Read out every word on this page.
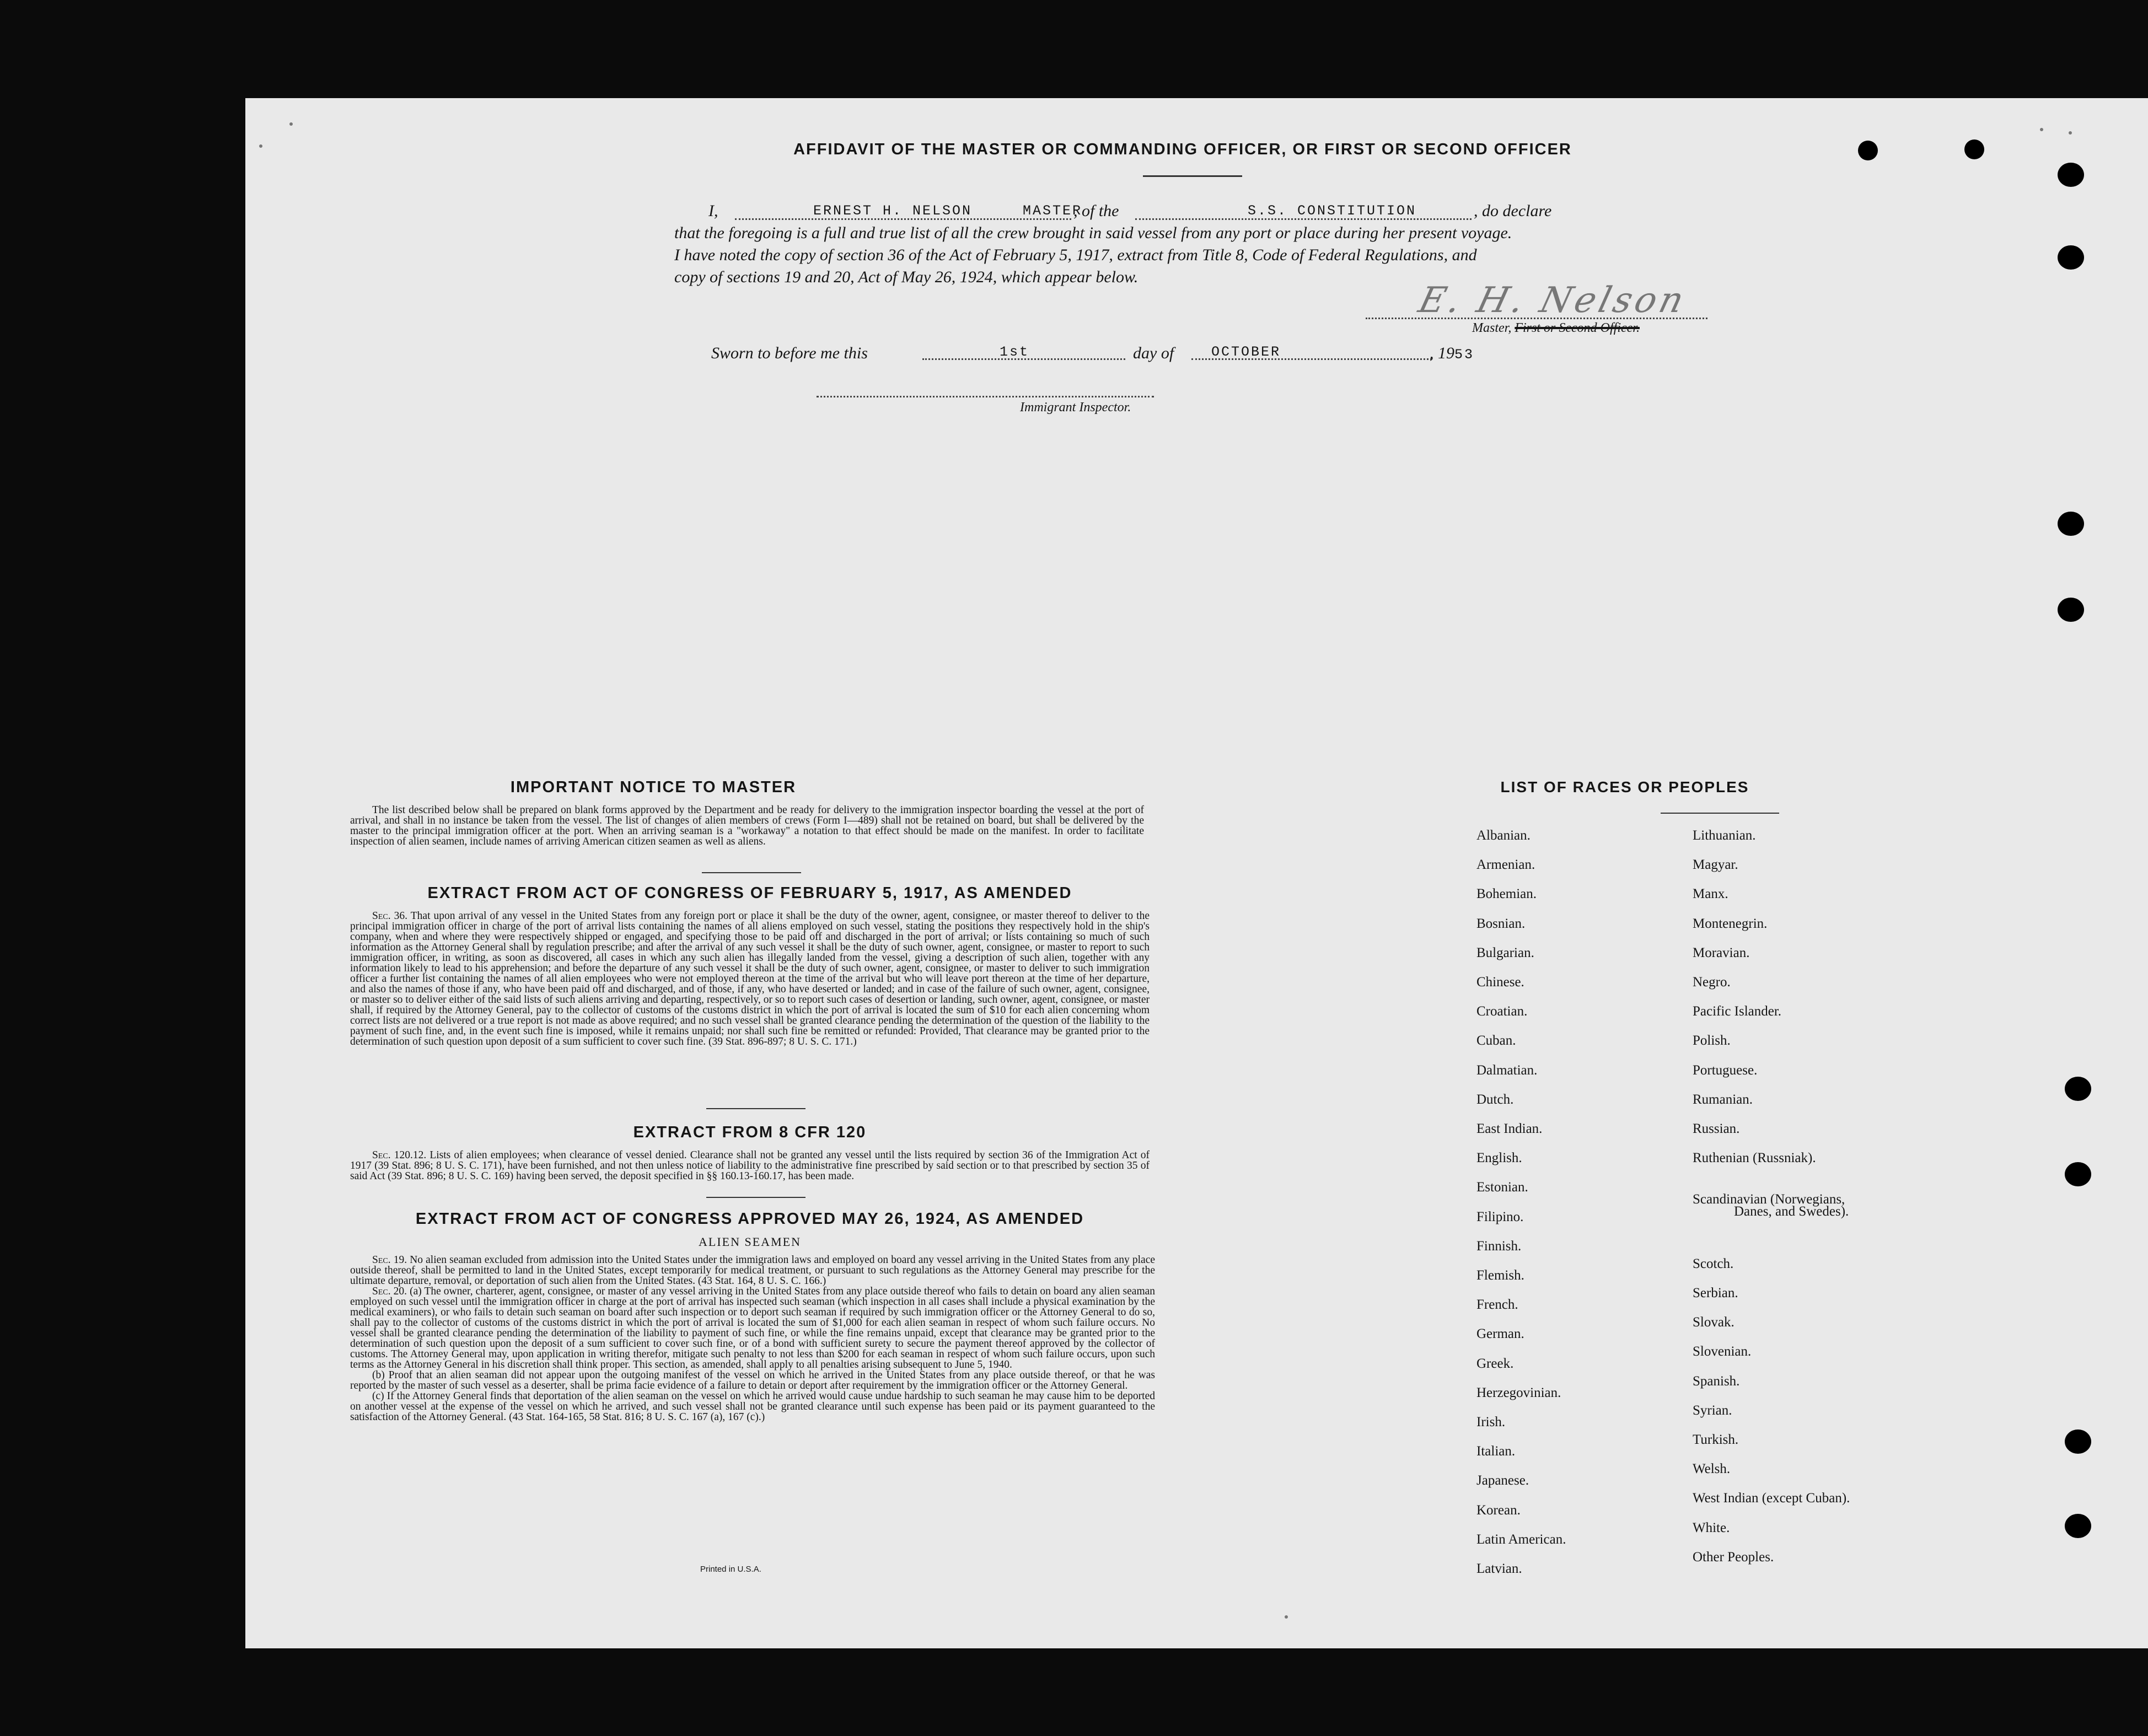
AFFIDAVIT OF THE MASTER OR COMMANDING OFFICER, OR FIRST OR SECOND OFFICER
I,	ERNEST H. NELSON	MASTER
, of the	S.S. CONSTITUTION	, do declare
that the foregoing is a full and true list of all the crew brought in said vessel from any port or place during her present voyage.
I have noted the copy of section 36 of the Act of February 5, 1917, extract from Title 8, Code of Federal Regulations, and
copy of sections 19 and 20, Act of May 26, 1924, which appear below.
E. H. Nelson
Master, First or Second Officer.
Sworn to before me this	1st	day of	OCTOBER	, 1953
Immigrant Inspector.
IMPORTANT NOTICE TO MASTER
The list described below shall be prepared on blank forms approved by the Department and be ready for delivery to the immigration inspector boarding the vessel at the port of arrival, and shall in no instance be taken from the vessel. The list of changes of alien members of crews (Form I—489) shall not be retained on board, but shall be delivered by the master to the principal immigration officer at the port. When an arriving seaman is a "workaway" a notation to that effect should be made on the manifest. In order to facilitate inspection of alien seamen, include names of arriving American citizen seamen as well as aliens.
EXTRACT FROM ACT OF CONGRESS OF FEBRUARY 5, 1917, AS AMENDED
Sec. 36. That upon arrival of any vessel in the United States from any foreign port or place it shall be the duty of the owner, agent, consignee, or master thereof to deliver to the principal immigration officer in charge of the port of arrival lists containing the names of all aliens employed on such vessel, stating the positions they respectively hold in the ship's company, when and where they were respectively shipped or engaged, and specifying those to be paid off and discharged in the port of arrival; or lists containing so much of such information as the Attorney General shall by regulation prescribe; and after the arrival of any such vessel it shall be the duty of such owner, agent, consignee, or master to report to such immigration officer, in writing, as soon as discovered, all cases in which any such alien has illegally landed from the vessel, giving a description of such alien, together with any information likely to lead to his apprehension; and before the departure of any such vessel it shall be the duty of such owner, agent, consignee, or master to deliver to such immigration officer a further list containing the names of all alien employees who were not employed thereon at the time of the arrival but who will leave port thereon at the time of her departure, and also the names of those if any, who have been paid off and discharged, and of those, if any, who have deserted or landed; and in case of the failure of such owner, agent, consignee, or master so to deliver either of the said lists of such aliens arriving and departing, respectively, or so to report such cases of desertion or landing, such owner, agent, consignee, or master shall, if required by the Attorney General, pay to the collector of customs of the customs district in which the port of arrival is located the sum of $10 for each alien concerning whom correct lists are not delivered or a true report is not made as above required; and no such vessel shall be granted clearance pending the determination of the question of the liability to the payment of such fine, and, in the event such fine is imposed, while it remains unpaid; nor shall such fine be remitted or refunded: Provided, That clearance may be granted prior to the determination of such question upon deposit of a sum sufficient to cover such fine. (39 Stat. 896-897; 8 U. S. C. 171.)
EXTRACT FROM 8 CFR 120
Sec. 120.12. Lists of alien employees; when clearance of vessel denied. Clearance shall not be granted any vessel until the lists required by section 36 of the Immigration Act of 1917 (39 Stat. 896; 8 U. S. C. 171), have been furnished, and not then unless notice of liability to the administrative fine prescribed by said section or to that prescribed by section 35 of said Act (39 Stat. 896; 8 U. S. C. 169) having been served, the deposit specified in §§ 160.13-160.17, has been made.
EXTRACT FROM ACT OF CONGRESS APPROVED MAY 26, 1924, AS AMENDED
ALIEN SEAMEN
Sec. 19. No alien seaman excluded from admission into the United States under the immigration laws and employed on board any vessel arriving in the United States from any place outside thereof, shall be permitted to land in the United States, except temporarily for medical treatment, or pursuant to such regulations as the Attorney General may prescribe for the ultimate departure, removal, or deportation of such alien from the United States. (43 Stat. 164, 8 U. S. C. 166.)
Sec. 20. (a) The owner, charterer, agent, consignee, or master of any vessel arriving in the United States from any place outside thereof who fails to detain on board any alien seaman employed on such vessel until the immigration officer in charge at the port of arrival has inspected such seaman (which inspection in all cases shall include a physical examination by the medical examiners), or who fails to detain such seaman on board after such inspection or to deport such seaman if required by such immigration officer or the Attorney General to do so, shall pay to the collector of customs of the customs district in which the port of arrival is located the sum of $1,000 for each alien seaman in respect of whom such failure occurs. No vessel shall be granted clearance pending the determination of the liability to payment of such fine, or while the fine remains unpaid, except that clearance may be granted prior to the determination of such question upon the deposit of a sum sufficient to cover such fine, or of a bond with sufficient surety to secure the payment thereof approved by the collector of customs. The Attorney General may, upon application in writing therefor, mitigate such penalty to not less than $200 for each seaman in respect of whom such failure occurs, upon such terms as the Attorney General in his discretion shall think proper. This section, as amended, shall apply to all penalties arising subsequent to June 5, 1940.
(b) Proof that an alien seaman did not appear upon the outgoing manifest of the vessel on which he arrived in the United States from any place outside thereof, or that he was reported by the master of such vessel as a deserter, shall be prima facie evidence of a failure to detain or deport after requirement by the immigration officer or the Attorney General.
(c) If the Attorney General finds that deportation of the alien seaman on the vessel on which he arrived would cause undue hardship to such seaman he may cause him to be deported on another vessel at the expense of the vessel on which he arrived, and such vessel shall not be granted clearance until such expense has been paid or its payment guaranteed to the satisfaction of the Attorney General. (43 Stat. 164-165, 58 Stat. 816; 8 U. S. C. 167 (a), 167 (c).)
Printed in U.S.A.
LIST OF RACES OR PEOPLES
Albanian.
Armenian.
Bohemian.
Bosnian.
Bulgarian.
Chinese.
Croatian.
Cuban.
Dalmatian.
Dutch.
East Indian.
English.
Estonian.
Filipino.
Finnish.
Flemish.
French.
German.
Greek.
Herzegovinian.
Irish.
Italian.
Japanese.
Korean.
Latin American.
Latvian.
Lithuanian.
Magyar.
Manx.
Montenegrin.
Moravian.
Negro.
Pacific Islander.
Polish.
Portuguese.
Rumanian.
Russian.
Ruthenian (Russniak).
Scandinavian (Norwegians,
Danes, and Swedes).
Scotch.
Serbian.
Slovak.
Slovenian.
Spanish.
Syrian.
Turkish.
Welsh.
West Indian (except Cuban).
White.
Other Peoples.
